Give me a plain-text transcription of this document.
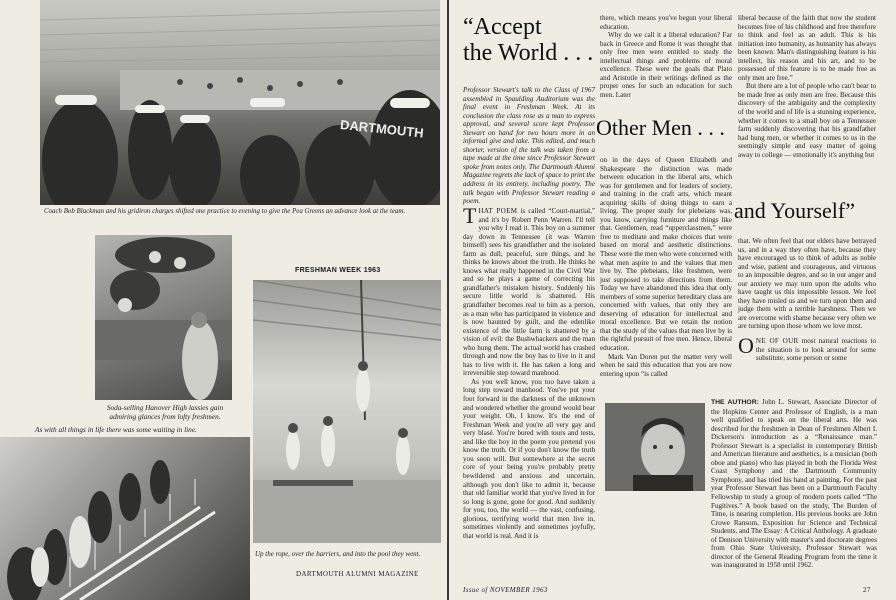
DARTMOUTH
Coach Bob Blackman and his gridiron charges shifted one practice to evening to give the Pea Greens an advance look at the team.
Soda-selling Hanover High lassies gain admiring glances from lofty freshmen.
FRESHMAN WEEK 1963
Up the rope, over the barriers, and into the pool they went.
As with all things in life there was some waiting in line.
DARTMOUTH ALUMNI MAGAZINE
“Accept
the World . . .
Professor Stewart's talk to the Class of 1967 assembled in Spaulding Auditorium was the final event in Freshman Week. At its conclusion the class rose as a man to express approval, and several score kept Professor Stewart on hand for two hours more in an informal give and take. This edited, and much shorter, version of the talk was taken from a tape made at the time since Professor Stewart spoke from notes only. The Dartmouth Alumni Magazine regrets the lack of space to print the address in its entirety, including poetry. The talk began with Professor Stewart reading a poem.

THAT POEM is called “Court-martial,” and it's by Robert Penn Warren. I'll tell you why I read it. This boy on a summer day down in Tennessee (it was Warren himself) sees his grandfather and the isolated farm as dull, peaceful, sure things, and he thinks he knows about the truth. He thinks he knows what really happened in the Civil War and so he plays a game of correcting his grandfather's mistaken history. Suddenly his secure little world is shattered. His grandfather becomes real to him as a person, as a man who has participated in violence and is now haunted by guilt, and the edenlike existence of the little farm is shattered by a vision of evil: the Bushwhackers and the man who hung them. The actual world has crashed through and now the boy has to live in it and has to live with it. He has taken a long and irreversible step toward manhood.

As you well know, you too have taken a long step toward manhood. You've put your foot forward in the darkness of the unknown and wondered whether the ground would bear your weight. Oh, I know. It's the end of Freshman Week and you're all very gay and very blasé. You're bored with tours and tests, and like the boy in the poem you pretend you know the truth. Or if you don't know the truth you soon will. But somewhere at the secret core of your being you're probably pretty bewildered and anxious and uncertain, although you don't like to admit it, because that old familiar world that you've lived in for so long is gone, gone for good. And suddenly for you, too, the world — the vast, confusing, glorious, terrifying world that men live in, sometimes violently and sometimes joyfully, that world is real. And it is

there, which means you've begun your liberal education.

Why do we call it a liberal education? Far back in Greece and Rome it was thought that only free men were entitled to study the intellectual things and problems of moral excellence. These were the goals that Plato and Aristotle in their writings defined as the proper ones for such an education for such men. Later

Other Men . . .

on in the days of Queen Elizabeth and Shakespeare the distinction was made between education in the liberal arts, which was for gentlemen and for leaders of society, and training in the craft arts, which meant acquiring skills of doing things to earn a living. The proper study for plebeians was, you know, carrying furniture and things like that. Gentlemen, read “upperclassmen,” were free to meditate and make choices that were based on moral and aesthetic distinctions. These were the men who were concerned with what men aspire to and the values that men live by. The plebeians, like freshmen, were just supposed to take directions from them. Today we have abandoned this idea that only members of some superior hereditary class are concerned with values, that only they are deserving of education for intellectual and moral excellence. But we retain the notion that the study of the values that men live by is the rightful pursuit of free men. Hence, liberal education.

Mark Van Doren put the matter very well when he said this education that you are now entering upon “is called

liberal because of the faith that now the student becomes free of his childhood and free therefore to think and feel as an adult. This is his initiation into humanity, as humanity has always been known. Man's distinguishing feature is his intellect, his reason and his art, and to be possessed of this feature is to be made free as only men are free.”

But there are a lot of people who can't bear to be made free as only men are free. Because this discovery of the ambiguity and the complexity of the world and of life is a stunning experience, whether it comes to a small boy on a Tennessee farm suddenly discovering that his grandfather had hung men, or whether it comes to us in the seemingly simple and easy matter of going away to college — emotionally it's anything but

and Yourself”

that. We often feel that our elders have betrayed us, and in a way they often have, because they have encouraged us to think of adults as noble and wise, patient and courageous, and virtuous to an impossible degree, and so in our anger and our anxiety we may turn upon the adults who have taught us this impossible lesson. We feel they have misled us and we turn upon them and judge them with a terrible harshness. Then we are overcome with shame because very often we are turning upon those whom we love most.

ONE OF OUR most natural reactions to the situation is to look around for some substitute, some person or some

THE AUTHOR: John L. Stewart, Associate Director of the Hopkins Center and Professor of English, is a man well qualified to speak on the liberal arts. He was described for the freshmen in Dean of Freshmen Albert I. Dickerson's introduction as a “Renaissance man.” Professor Stewart is a specialist in contemporary British and American literature and aesthetics, is a musician (both oboe and piano) who has played in both the Florida West Coast Symphony and the Dartmouth Community Symphony, and has tried his hand at painting. For the past year Professor Stewart has been on a Dartmouth Faculty Fellowship to study a group of modern poets called “The Fugitives.” A book based on the study, The Burden of Time, is nearing completion. His previous books are John Crowe Ransom, Exposition for Science and Technical Students, and The Essay: A Critical Anthology. A graduate of Denison University with master's and doctorate degrees from Ohio State University, Professor Stewart was director of the General Reading Program from the time it was inaugurated in 1958 until 1962.

Issue of NOVEMBER 1963	27
